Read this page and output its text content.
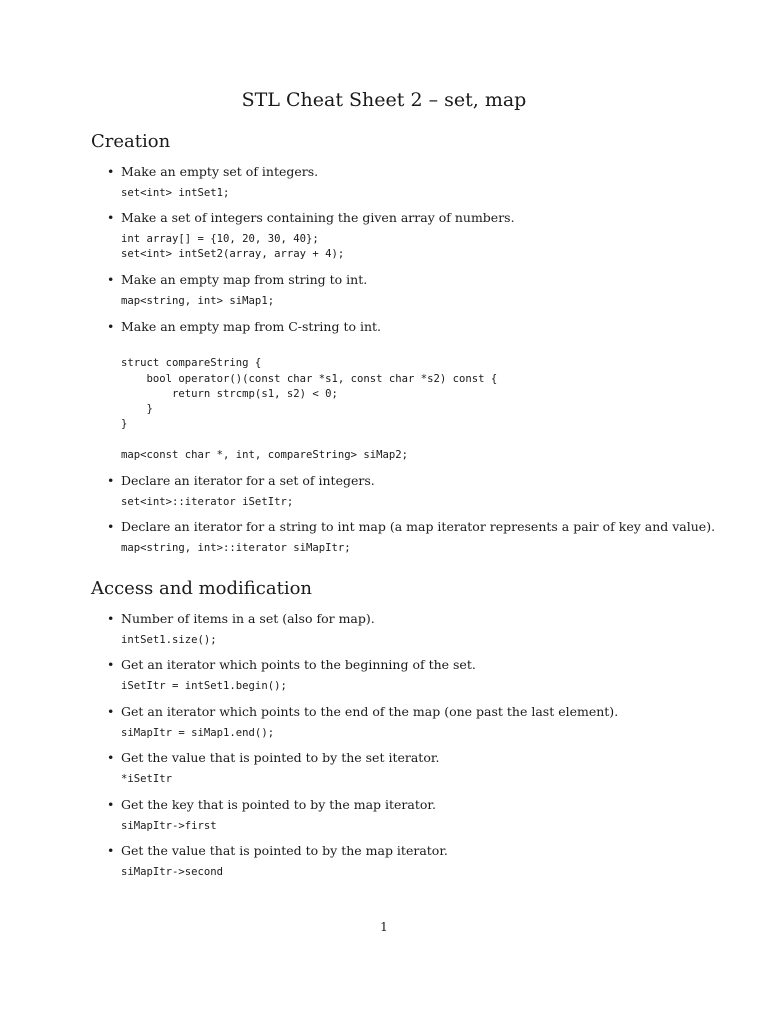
STL Cheat Sheet 2 – set, map
Creation
• Make an empty set of integers.
set<int> intSet1;
• Make a set of integers containing the given array of numbers.
int array[] = {10, 20, 30, 40};
set<int> intSet2(array, array + 4);
• Make an empty map from string to int.
map<string, int> siMap1;
• Make an empty map from C-string to int.
struct compareString {
bool operator()(const char *s1, const char *s2) const {
return strcmp(s1, s2) < 0;
}
}
map<const char *, int, compareString> siMap2;
• Declare an iterator for a set of integers.
set<int>::iterator iSetItr;
• Declare an iterator for a string to int map (a map iterator represents a pair of key and value).
map<string, int>::iterator siMapItr;
Access and modification
• Number of items in a set (also for map).
intSet1.size();
• Get an iterator which points to the beginning of the set.
iSetItr = intSet1.begin();
• Get an iterator which points to the end of the map (one past the last element).
siMapItr = siMap1.end();
• Get the value that is pointed to by the set iterator.
*iSetItr
• Get the key that is pointed to by the map iterator.
siMapItr->first
• Get the value that is pointed to by the map iterator.
siMapItr->second
1
